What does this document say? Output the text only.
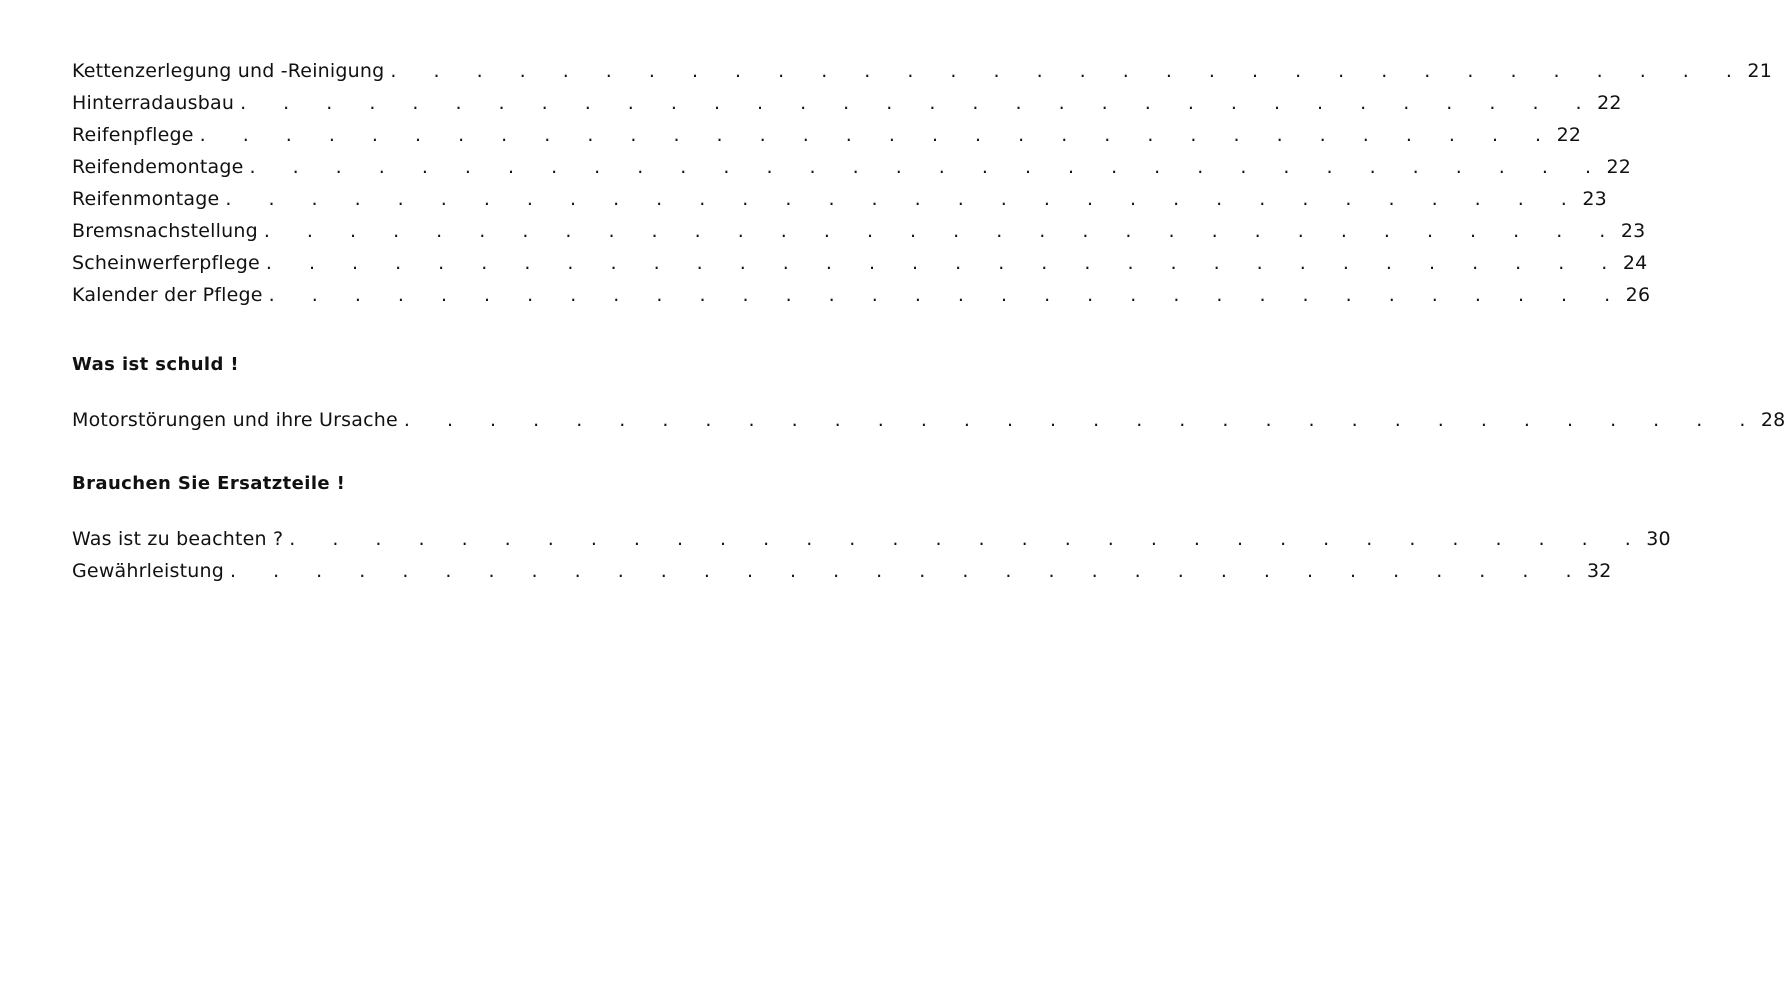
Kettenzerlegung und -Reinigung . . . . . . . . . . . . . . . . . . . . . . . . . . . . . . . . 21
Hinterradausbau . . . . . . . . . . . . . . . . . . . . . . . . . . . . . . . . 22
Reifenpflege . . . . . . . . . . . . . . . . . . . . . . . . . . . . . . . . 22
Reifendemontage . . . . . . . . . . . . . . . . . . . . . . . . . . . . . . . . 22
Reifenmontage . . . . . . . . . . . . . . . . . . . . . . . . . . . . . . . . 23
Bremsnachstellung . . . . . . . . . . . . . . . . . . . . . . . . . . . . . . . . 23
Scheinwerferpflege . . . . . . . . . . . . . . . . . . . . . . . . . . . . . . . . 24
Kalender der Pflege . . . . . . . . . . . . . . . . . . . . . . . . . . . . . . . . 26
Was ist schuld !
Motorstörungen und ihre Ursache . . . . . . . . . . . . . . . . . . . . . . . . . . . . . . . . 28
Brauchen Sie Ersatzteile !
Was ist zu beachten ? . . . . . . . . . . . . . . . . . . . . . . . . . . . . . . . . 30
Gewährleistung . . . . . . . . . . . . . . . . . . . . . . . . . . . . . . . . 32
